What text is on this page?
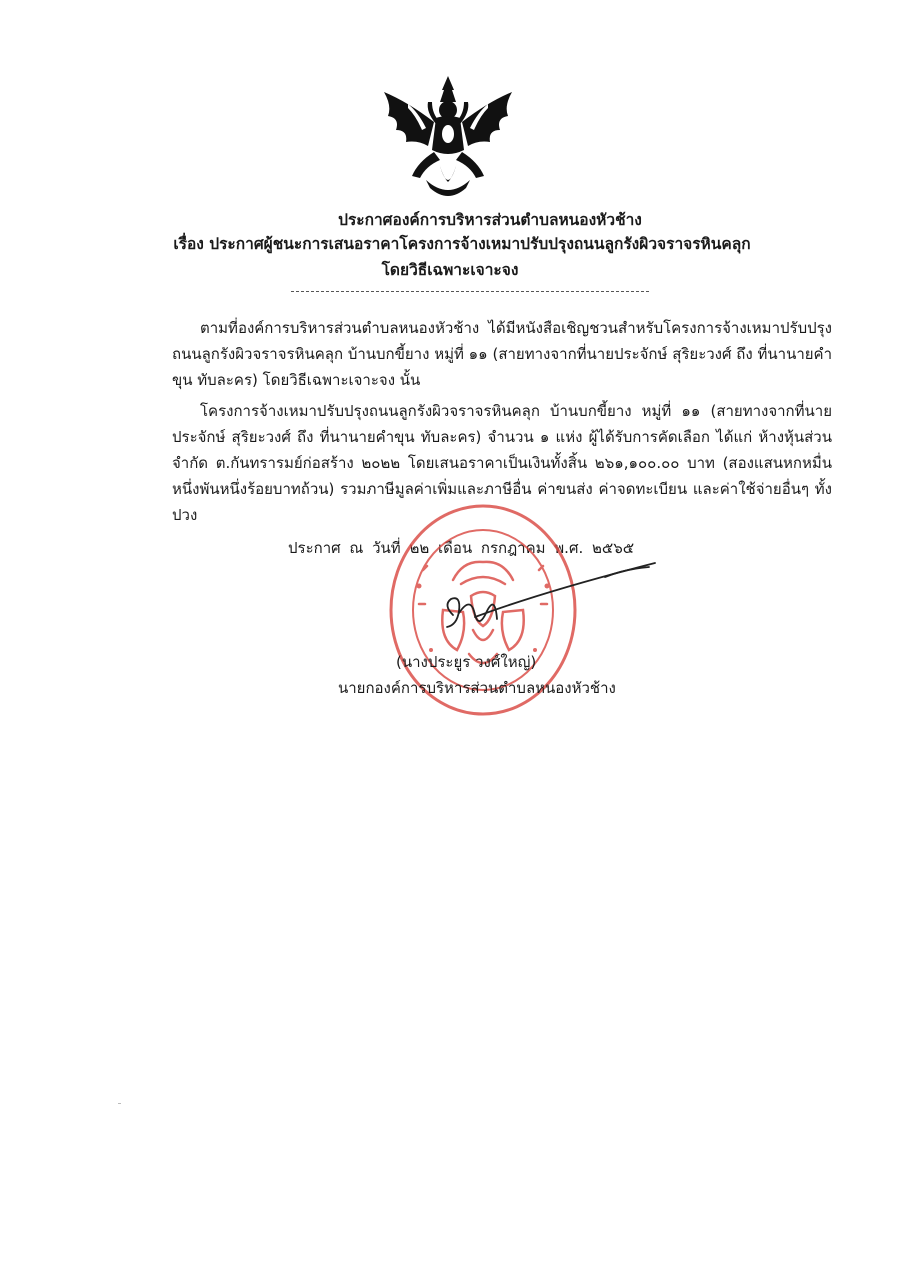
ประกาศองค์การบริหารส่วนตำบลหนองหัวช้าง
เรื่อง ประกาศผู้ชนะการเสนอราคาโครงการจ้างเหมาปรับปรุงถนนลูกรังผิวจราจรหินคลุก
โดยวิธีเฉพาะเจาะจง

ตามที่องค์การบริหารส่วนตำบลหนองหัวช้าง ได้มีหนังสือเชิญชวนสำหรับโครงการจ้างเหมาปรับปรุงถนนลูกรังผิวจราจรหินคลุก บ้านบกขี้ยาง หมู่ที่ ๑๑ (สายทางจากที่นายประจักษ์ สุริยะวงศ์ ถึง ที่นานายคำขุน ทับละคร) โดยวิธีเฉพาะเจาะจง นั้น

โครงการจ้างเหมาปรับปรุงถนนลูกรังผิวจราจรหินคลุก บ้านบกขี้ยาง หมู่ที่ ๑๑ (สายทางจากที่นายประจักษ์ สุริยะวงศ์ ถึง ที่นานายคำขุน ทับละคร) จำนวน ๑ แห่ง ผู้ได้รับการคัดเลือก ได้แก่ ห้างหุ้นส่วนจำกัด ต.กันทรารมย์ก่อสร้าง ๒๐๒๒ โดยเสนอราคาเป็นเงินทั้งสิ้น ๒๖๑,๑๐๐.๐๐ บาท (สองแสนหกหมื่นหนึ่งพันหนึ่งร้อยบาทถ้วน) รวมภาษีมูลค่าเพิ่มและภาษีอื่น ค่าขนส่ง ค่าจดทะเบียน และค่าใช้จ่ายอื่นๆ ทั้งปวง

ประกาศ ณ วันที่ ๒๒ เดือน กรกฎาคม พ.ศ. ๒๕๖๕
(นางประยูร วงศ์ใหญ่)
นายกองค์การบริหารส่วนตำบลหนองหัวช้าง
